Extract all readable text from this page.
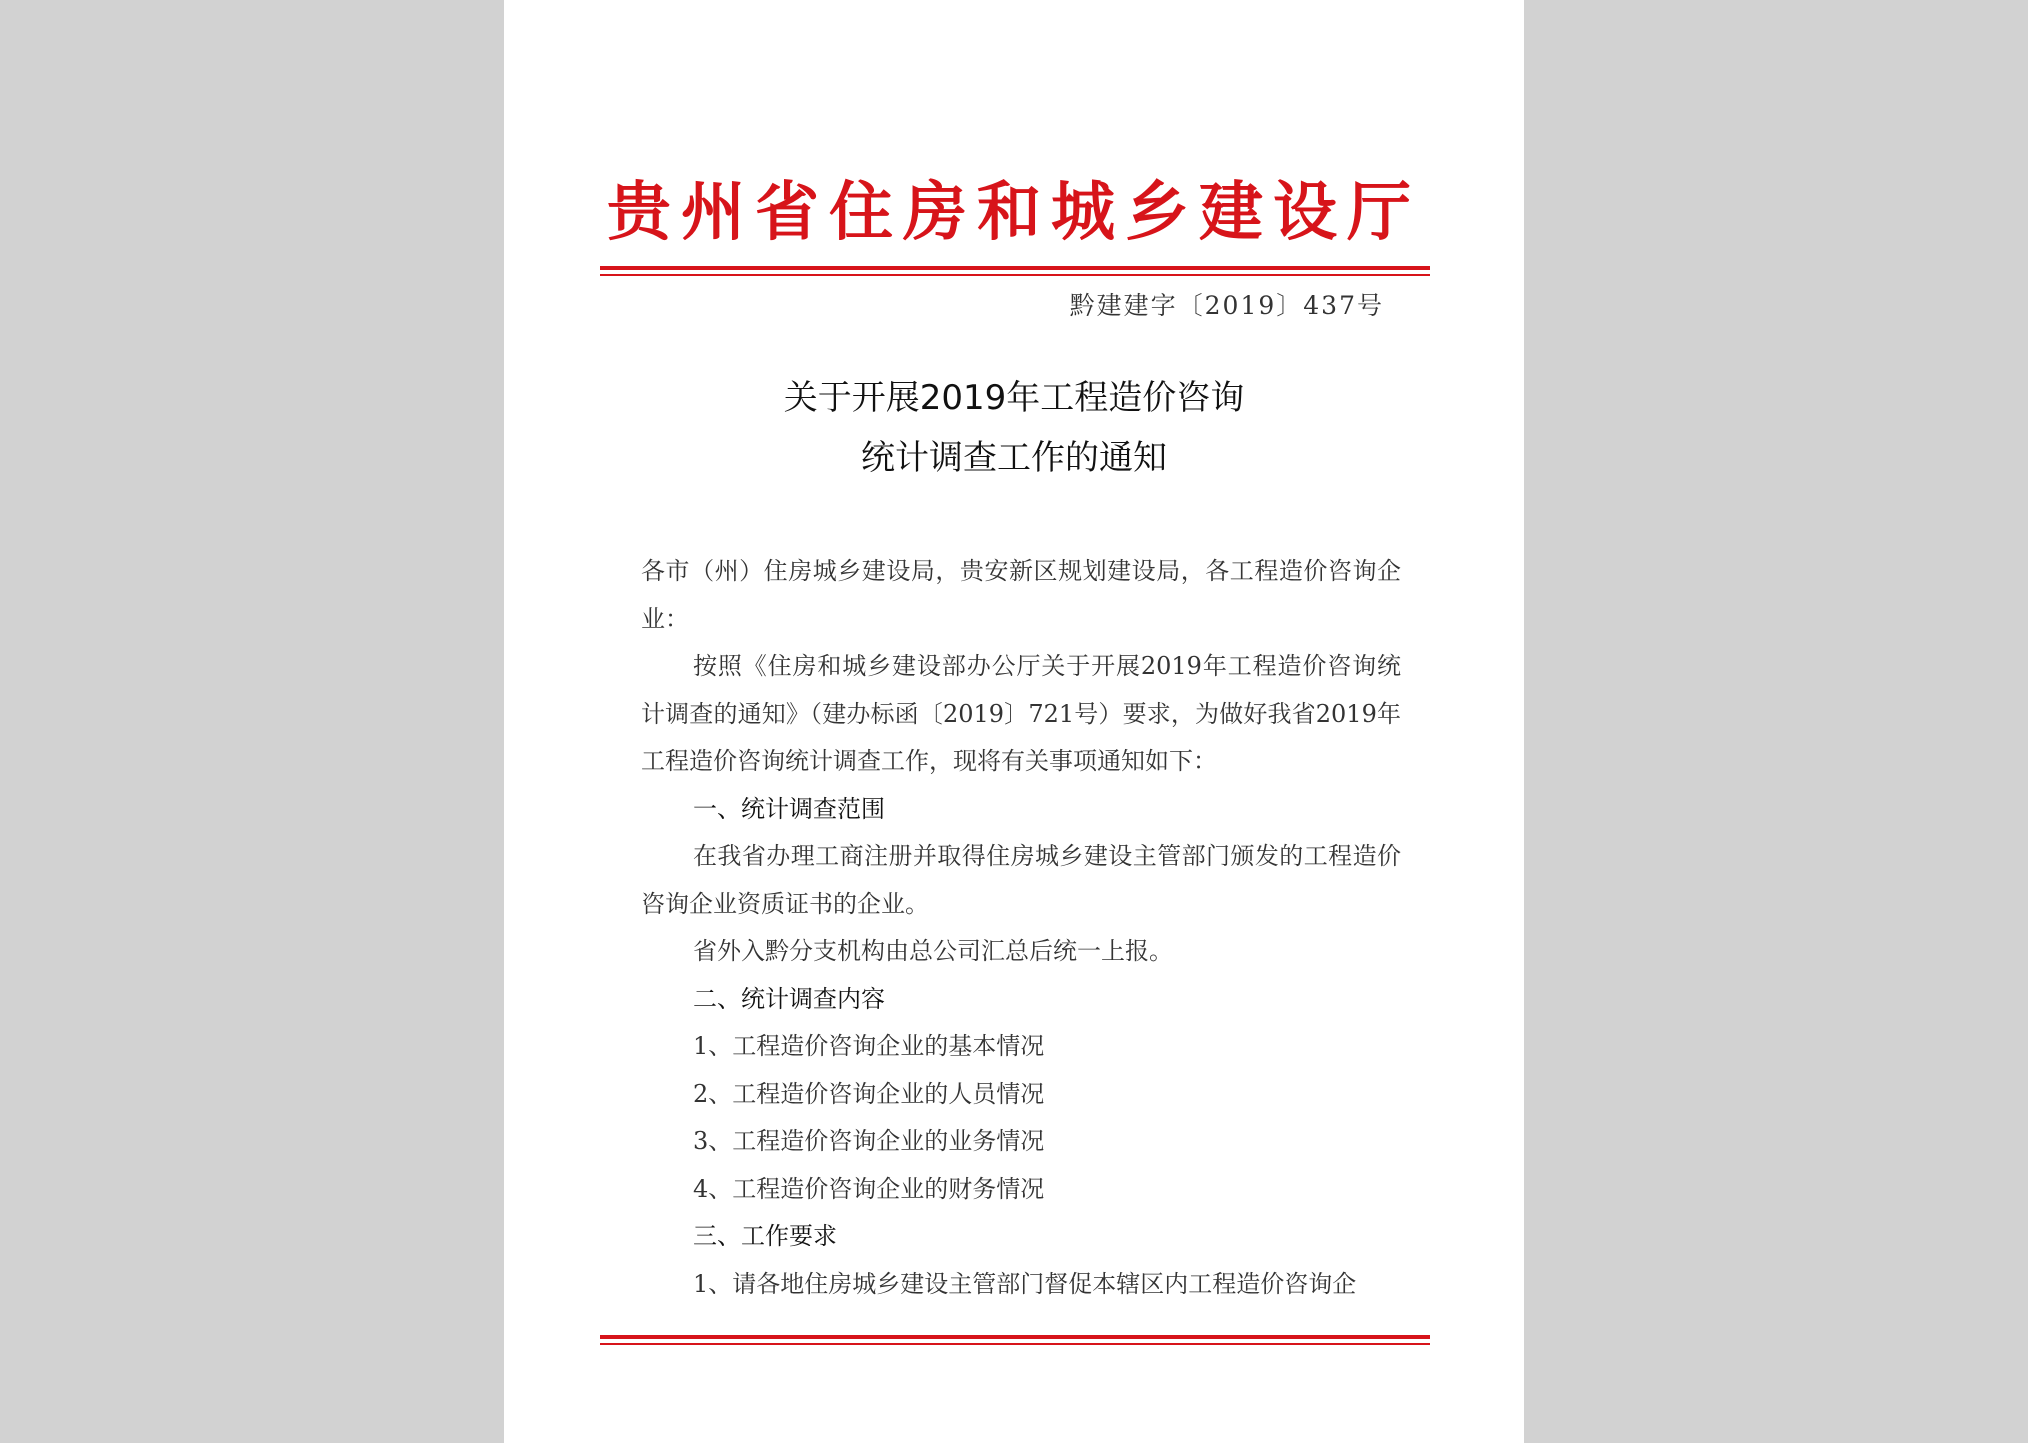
贵州省住房和城乡建设厅
黔建建字〔2019〕437号
关于开展2019年工程造价咨询
统计调查工作的通知

各市（州）住房城乡建设局，贵安新区规划建设局，各工程造价咨询企业：

按照《住房和城乡建设部办公厅关于开展2019年工程造价咨询统计调查的通知》（建办标函〔2019〕721号）要求，为做好我省2019年工程造价咨询统计调查工作，现将有关事项通知如下：

一、统计调查范围

在我省办理工商注册并取得住房城乡建设主管部门颁发的工程造价咨询企业资质证书的企业。

省外入黔分支机构由总公司汇总后统一上报。

二、统计调查内容

1、工程造价咨询企业的基本情况

2、工程造价咨询企业的人员情况

3、工程造价咨询企业的业务情况

4、工程造价咨询企业的财务情况

三、工作要求

1、请各地住房城乡建设主管部门督促本辖区内工程造价咨询企
